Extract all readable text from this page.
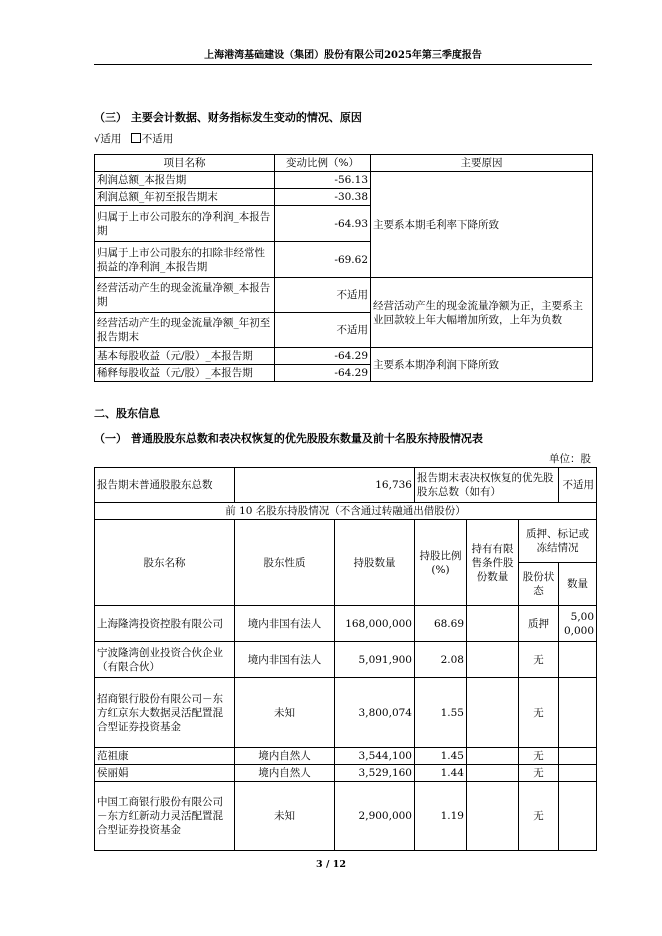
上海港湾基础建设（集团）股份有限公司2025年第三季度报告
（三） 主要会计数据、财务指标发生变动的情况、原因
√适用 不适用
项目名称	变动比例（%）	主要原因
利润总额_本报告期	-56.13	主要系本期毛利率下降所致
利润总额_年初至报告期末	-30.38	
归属于上市公司股东的净利润_本报告期	-64.93	
归属于上市公司股东的扣除非经常性损益的净利润_本报告期	-69.62	
经营活动产生的现金流量净额_本报告期	不适用	经营活动产生的现金流量净额为正，主要系主业回款较上年大幅增加所致，上年为负数
经营活动产生的现金流量净额_年初至报告期末	不适用	
基本每股收益（元/股）_本报告期	-64.29	主要系本期净利润下降所致
稀释每股收益（元/股）_本报告期	-64.29	
二、股东信息
（一） 普通股股东总数和表决权恢复的优先股股东数量及前十名股东持股情况表
单位：股
报告期末普通股股东总数	16,736		报告期末表决权恢复的优先股股东总数（如有）			不适用
前 10 名股东持股情况（不含通过转融通出借股份）						
股东名称	股东性质	持股数量	持股比例(%)	持有有限售条件股份数量	质押、标记或冻结情况	
					股份状态	数量
上海隆湾投资控股有限公司	境内非国有法人	168,000,000	68.69		质押	5,000,000
宁波隆湾创业投资合伙企业（有限合伙）	境内非国有法人	5,091,900	2.08		无	
招商银行股份有限公司－东方红京东大数据灵活配置混合型证券投资基金	未知	3,800,074	1.55		无	
范祖康	境内自然人	3,544,100	1.45		无	
侯丽娟	境内自然人	3,529,160	1.44		无	
中国工商银行股份有限公司－东方红新动力灵活配置混合型证券投资基金	未知	2,900,000	1.19		无	
3 / 12
